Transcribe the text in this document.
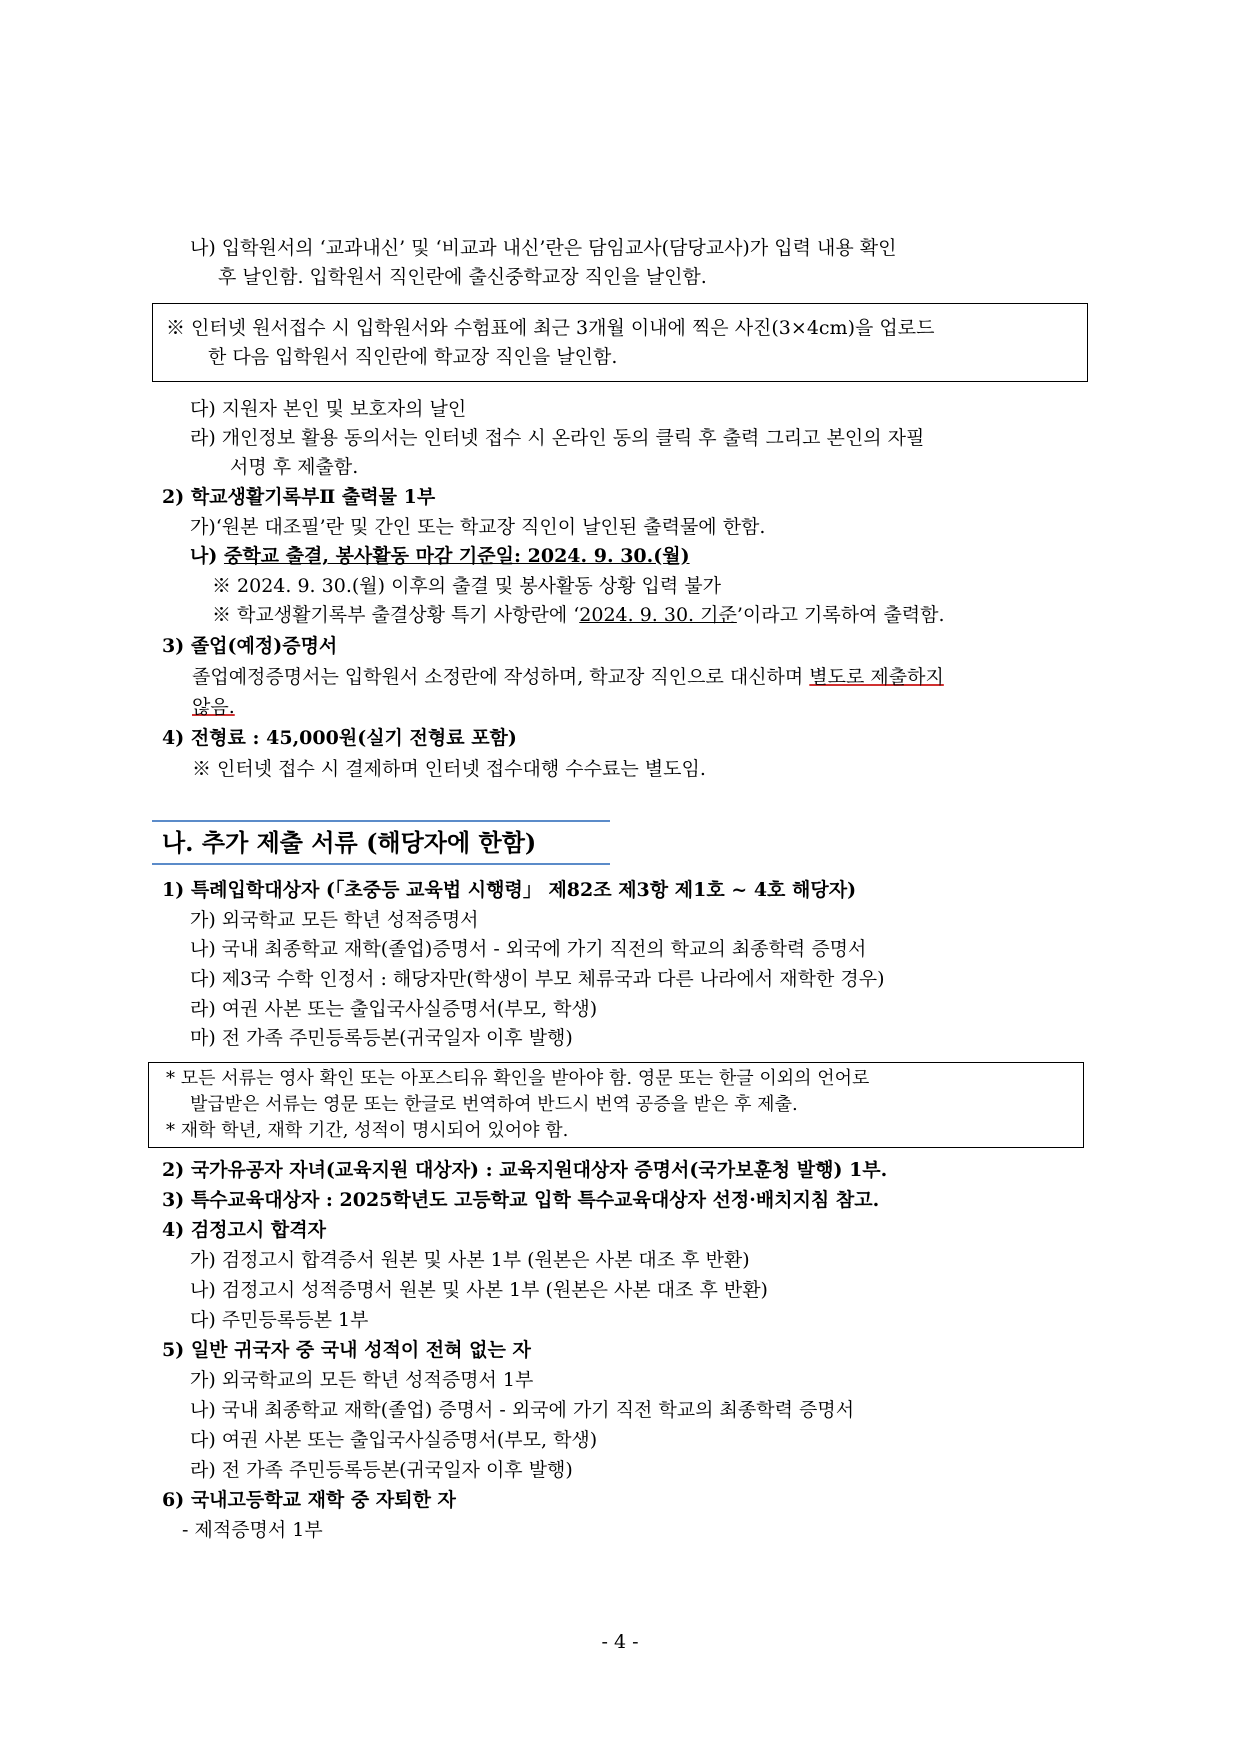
나) 입학원서의 ‘교과내신’ 및 ‘비교과 내신’란은 담임교사(담당교사)가 입력 내용 확인
후 날인함. 입학원서 직인란에 출신중학교장 직인을 날인함.
※ 인터넷 원서접수 시 입학원서와 수험표에 최근 3개월 이내에 찍은 사진(3×4cm)을 업로드
한 다음 입학원서 직인란에 학교장 직인을 날인함.
다) 지원자 본인 및 보호자의 날인
라) 개인정보 활용 동의서는 인터넷 접수 시 온라인 동의 클릭 후 출력 그리고 본인의 자필
서명 후 제출함.
2) 학교생활기록부Ⅱ 출력물 1부
가)‘원본 대조필’란 및 간인 또는 학교장 직인이 날인된 출력물에 한함.
나) 중학교 출결, 봉사활동 마감 기준일: 2024. 9. 30.(월)
※ 2024. 9. 30.(월) 이후의 출결 및 봉사활동 상황 입력 불가
※ 학교생활기록부 출결상황 특기 사항란에 ‘2024. 9. 30. 기준’이라고 기록하여 출력함.
3) 졸업(예정)증명서
졸업예정증명서는 입학원서 소정란에 작성하며, 학교장 직인으로 대신하며 별도로 제출하지
않음.
4) 전형료 : 45,000원(실기 전형료 포함)
※ 인터넷 접수 시 결제하며 인터넷 접수대행 수수료는 별도임.
나. 추가 제출 서류 (해당자에 한함)
1) 특례입학대상자 (「초중등 교육법 시행령」 제82조 제3항 제1호 ~ 4호 해당자)
가) 외국학교 모든 학년 성적증명서
나) 국내 최종학교 재학(졸업)증명서 - 외국에 가기 직전의 학교의 최종학력 증명서
다) 제3국 수학 인정서 : 해당자만(학생이 부모 체류국과 다른 나라에서 재학한 경우)
라) 여권 사본 또는 출입국사실증명서(부모, 학생)
마) 전 가족 주민등록등본(귀국일자 이후 발행)
* 모든 서류는 영사 확인 또는 아포스티유 확인을 받아야 함. 영문 또는 한글 이외의 언어로
발급받은 서류는 영문 또는 한글로 번역하여 반드시 번역 공증을 받은 후 제출.
* 재학 학년, 재학 기간, 성적이 명시되어 있어야 함.
2) 국가유공자 자녀(교육지원 대상자) : 교육지원대상자 증명서(국가보훈청 발행) 1부.
3) 특수교육대상자 : 2025학년도 고등학교 입학 특수교육대상자 선정·배치지침 참고.
4) 검정고시 합격자
가) 검정고시 합격증서 원본 및 사본 1부 (원본은 사본 대조 후 반환)
나) 검정고시 성적증명서 원본 및 사본 1부 (원본은 사본 대조 후 반환)
다) 주민등록등본 1부
5) 일반 귀국자 중 국내 성적이 전혀 없는 자
가) 외국학교의 모든 학년 성적증명서 1부
나) 국내 최종학교 재학(졸업) 증명서 - 외국에 가기 직전 학교의 최종학력 증명서
다) 여권 사본 또는 출입국사실증명서(부모, 학생)
라) 전 가족 주민등록등본(귀국일자 이후 발행)
6) 국내고등학교 재학 중 자퇴한 자
- 제적증명서 1부
- 4 -
